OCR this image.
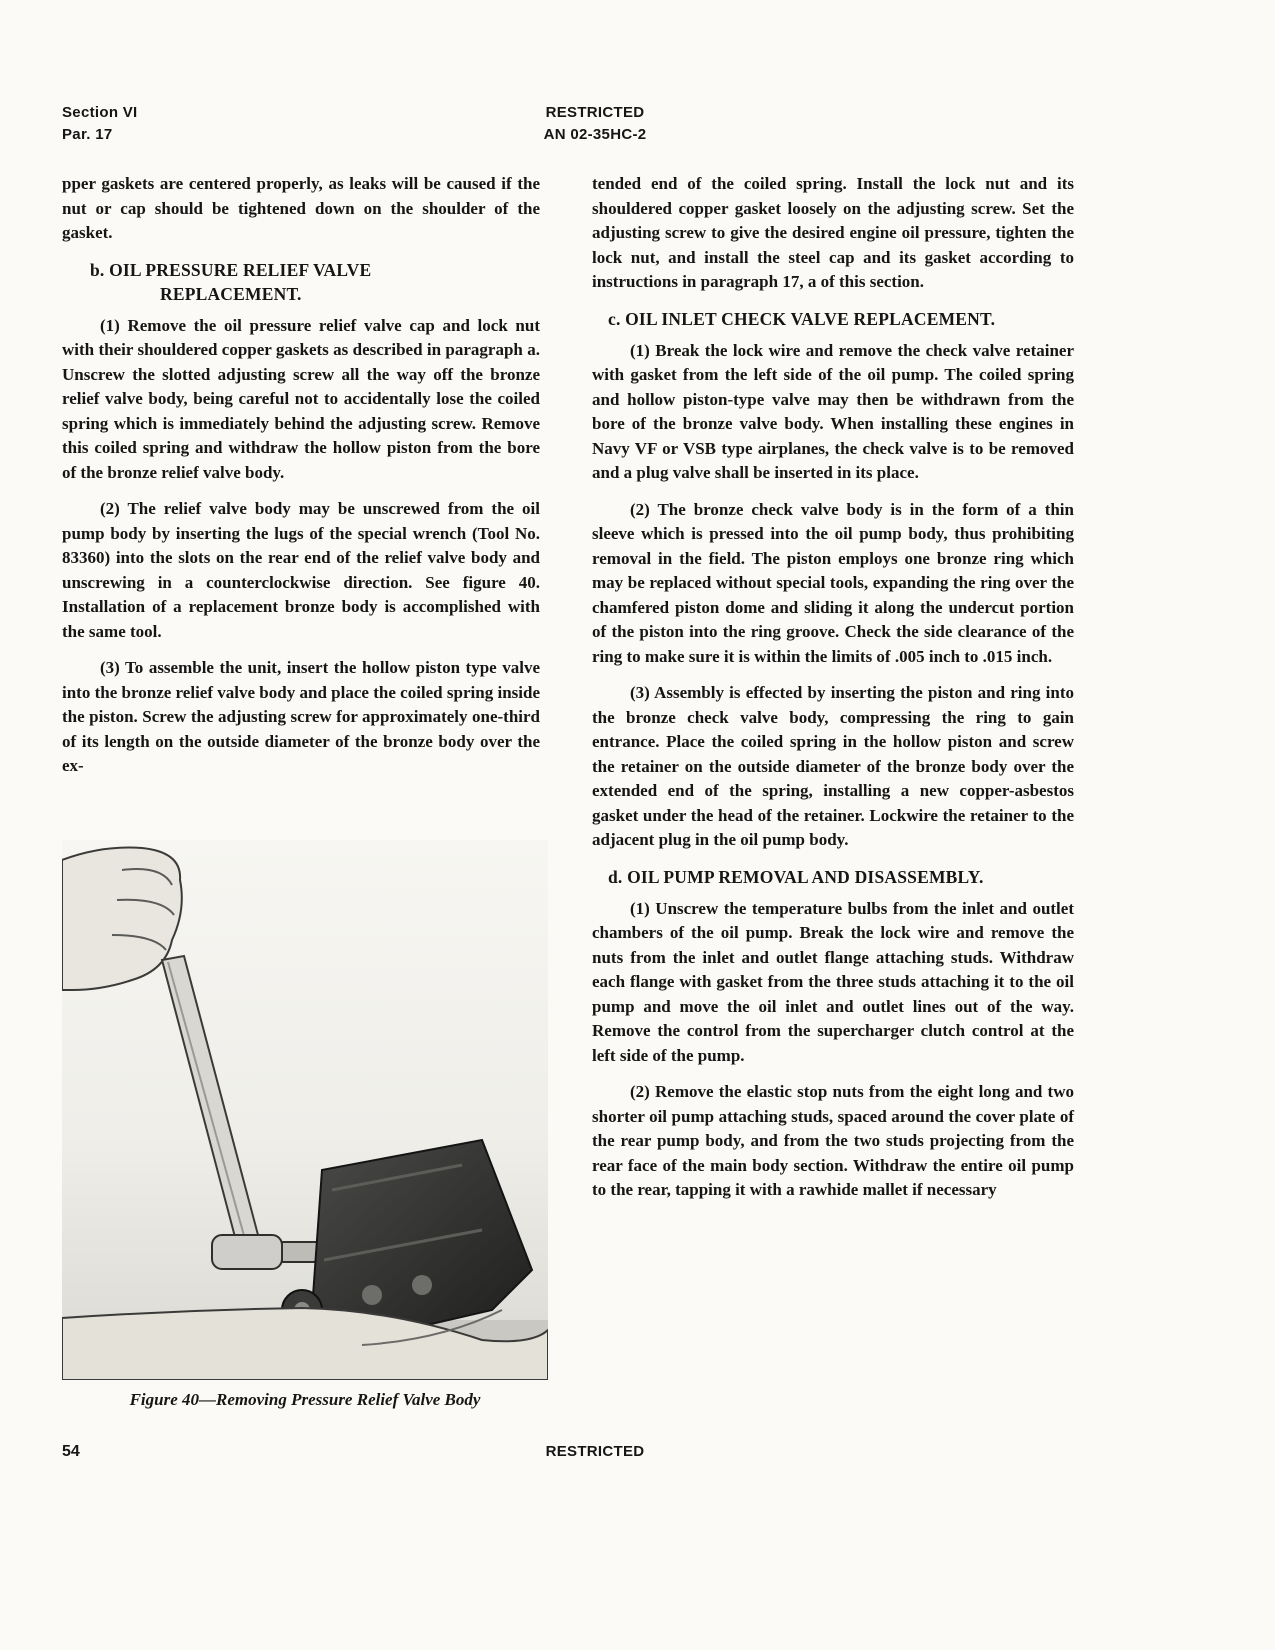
Section VI
Par. 17
RESTRICTED
AN 02-35HC-2

pper gaskets are centered properly, as leaks will be caused if the nut or cap should be tightened down on the shoulder of the gasket.

b. OIL PRESSURE RELIEF VALVE
REPLACEMENT.

(1) Remove the oil pressure relief valve cap and lock nut with their shouldered copper gaskets as described in paragraph a. Unscrew the slotted adjusting screw all the way off the bronze relief valve body, being careful not to accidentally lose the coiled spring which is immediately behind the adjusting screw. Remove this coiled spring and withdraw the hollow piston from the bore of the bronze relief valve body.

(2) The relief valve body may be unscrewed from the oil pump body by inserting the lugs of the special wrench (Tool No. 83360) into the slots on the rear end of the relief valve body and unscrewing in a counterclockwise direction. See figure 40. Installation of a replacement bronze body is accomplished with the same tool.

(3) To assemble the unit, insert the hollow piston type valve into the bronze relief valve body and place the coiled spring inside the piston. Screw the adjusting screw for approximately one-third of its length on the outside diameter of the bronze body over the ex-

Figure 40—Removing Pressure Relief Valve Body

tended end of the coiled spring. Install the lock nut and its shouldered copper gasket loosely on the adjusting screw. Set the adjusting screw to give the desired engine oil pressure, tighten the lock nut, and install the steel cap and its gasket according to instructions in paragraph 17, a of this section.

c. OIL INLET CHECK VALVE REPLACEMENT.

(1) Break the lock wire and remove the check valve retainer with gasket from the left side of the oil pump. The coiled spring and hollow piston-type valve may then be withdrawn from the bore of the bronze valve body. When installing these engines in Navy VF or VSB type airplanes, the check valve is to be removed and a plug valve shall be inserted in its place.

(2) The bronze check valve body is in the form of a thin sleeve which is pressed into the oil pump body, thus prohibiting removal in the field. The piston employs one bronze ring which may be replaced without special tools, expanding the ring over the chamfered piston dome and sliding it along the undercut portion of the piston into the ring groove. Check the side clearance of the ring to make sure it is within the limits of .005 inch to .015 inch.

(3) Assembly is effected by inserting the piston and ring into the bronze check valve body, compressing the ring to gain entrance. Place the coiled spring in the hollow piston and screw the retainer on the outside diameter of the bronze body over the extended end of the spring, installing a new copper-asbestos gasket under the head of the retainer. Lockwire the retainer to the adjacent plug in the oil pump body.

d. OIL PUMP REMOVAL AND DISASSEMBLY.

(1) Unscrew the temperature bulbs from the inlet and outlet chambers of the oil pump. Break the lock wire and remove the nuts from the inlet and outlet flange attaching studs. Withdraw each flange with gasket from the three studs attaching it to the oil pump and move the oil inlet and outlet lines out of the way. Remove the control from the supercharger clutch control at the left side of the pump.

(2) Remove the elastic stop nuts from the eight long and two shorter oil pump attaching studs, spaced around the cover plate of the rear pump body, and from the two studs projecting from the rear face of the main body section. Withdraw the entire oil pump to the rear, tapping it with a rawhide mallet if necessary

54	RESTRICTED
